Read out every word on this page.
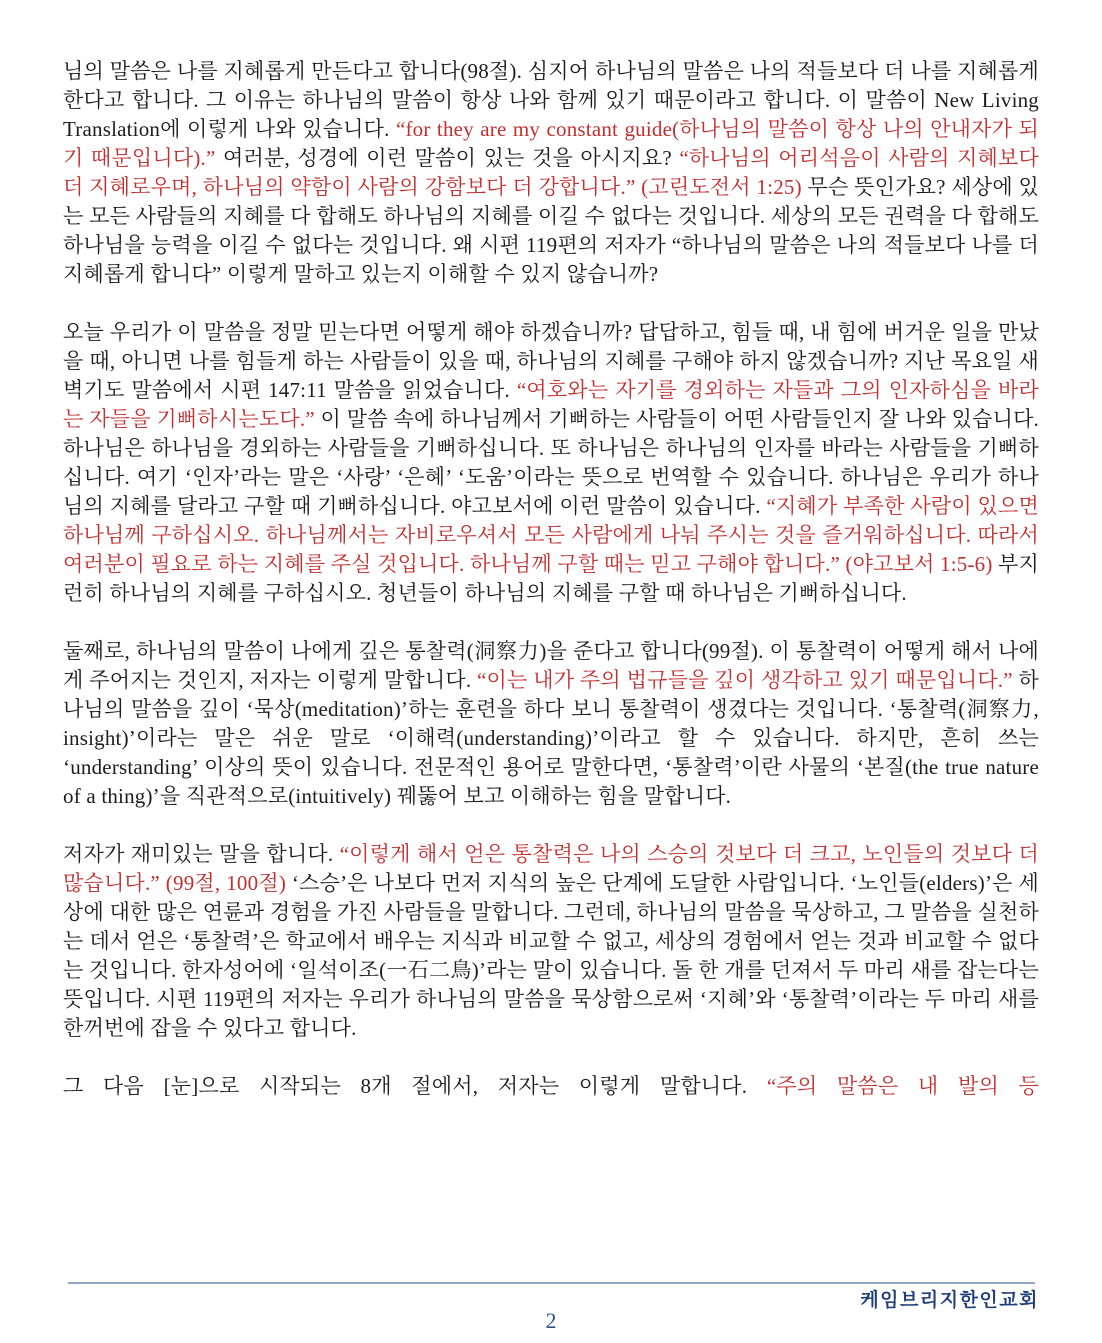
님의 말씀은 나를 지혜롭게 만든다고 합니다(98절). 심지어 하나님의 말씀은 나의 적들보다 더 나를 지혜롭게 한다고 합니다. 그 이유는 하나님의 말씀이 항상 나와 함께 있기 때문이라고 합니다. 이 말씀이 New Living Translation에 이렇게 나와 있습니다. “for they are my constant guide(하나님의 말씀이 항상 나의 안내자가 되기 때문입니다).” 여러분, 성경에 이런 말씀이 있는 것을 아시지요? “하나님의 어리석음이 사람의 지혜보다 더 지혜로우며, 하나님의 약함이 사람의 강함보다 더 강합니다.” (고린도전서 1:25) 무슨 뜻인가요? 세상에 있는 모든 사람들의 지혜를 다 합해도 하나님의 지혜를 이길 수 없다는 것입니다. 세상의 모든 권력을 다 합해도 하나님을 능력을 이길 수 없다는 것입니다. 왜 시편 119편의 저자가 “하나님의 말씀은 나의 적들보다 나를 더 지혜롭게 합니다” 이렇게 말하고 있는지 이해할 수 있지 않습니까?

오늘 우리가 이 말씀을 정말 믿는다면 어떻게 해야 하겠습니까? 답답하고, 힘들 때, 내 힘에 버거운 일을 만났을 때, 아니면 나를 힘들게 하는 사람들이 있을 때, 하나님의 지혜를 구해야 하지 않겠습니까? 지난 목요일 새벽기도 말씀에서 시편 147:11 말씀을 읽었습니다. “여호와는 자기를 경외하는 자들과 그의 인자하심을 바라는 자들을 기뻐하시는도다.” 이 말씀 속에 하나님께서 기뻐하는 사람들이 어떤 사람들인지 잘 나와 있습니다. 하나님은 하나님을 경외하는 사람들을 기뻐하십니다. 또 하나님은 하나님의 인자를 바라는 사람들을 기뻐하십니다. 여기 ‘인자’라는 말은 ‘사랑’ ‘은혜’ ‘도움’이라는 뜻으로 번역할 수 있습니다. 하나님은 우리가 하나님의 지혜를 달라고 구할 때 기뻐하십니다. 야고보서에 이런 말씀이 있습니다. “지혜가 부족한 사람이 있으면 하나님께 구하십시오. 하나님께서는 자비로우셔서 모든 사람에게 나눠 주시는 것을 즐거워하십니다. 따라서 여러분이 필요로 하는 지혜를 주실 것입니다. 하나님께 구할 때는 믿고 구해야 합니다.” (야고보서 1:5-6) 부지런히 하나님의 지혜를 구하십시오. 청년들이 하나님의 지혜를 구할 때 하나님은 기뻐하십니다.

둘째로, 하나님의 말씀이 나에게 깊은 통찰력(洞察力)을 준다고 합니다(99절). 이 통찰력이 어떻게 해서 나에게 주어지는 것인지, 저자는 이렇게 말합니다. “이는 내가 주의 법규들을 깊이 생각하고 있기 때문입니다.” 하나님의 말씀을 깊이 ‘묵상(meditation)’하는 훈련을 하다 보니 통찰력이 생겼다는 것입니다. ‘통찰력(洞察力, insight)’이라는 말은 쉬운 말로 ‘이해력(understanding)’이라고 할 수 있습니다. 하지만, 흔히 쓰는 ‘understanding’ 이상의 뜻이 있습니다. 전문적인 용어로 말한다면, ‘통찰력’이란 사물의 ‘본질(the true nature of a thing)’을 직관적으로(intuitively) 꿰뚫어 보고 이해하는 힘을 말합니다.

저자가 재미있는 말을 합니다. “이렇게 해서 얻은 통찰력은 나의 스승의 것보다 더 크고, 노인들의 것보다 더 많습니다.” (99절, 100절) ‘스승’은 나보다 먼저 지식의 높은 단계에 도달한 사람입니다. ‘노인들(elders)’은 세상에 대한 많은 연륜과 경험을 가진 사람들을 말합니다. 그런데, 하나님의 말씀을 묵상하고, 그 말씀을 실천하는 데서 얻은 ‘통찰력’은 학교에서 배우는 지식과 비교할 수 없고, 세상의 경험에서 얻는 것과 비교할 수 없다는 것입니다. 한자성어에 ‘일석이조(一石二鳥)’라는 말이 있습니다. 돌 한 개를 던져서 두 마리 새를 잡는다는 뜻입니다. 시편 119편의 저자는 우리가 하나님의 말씀을 묵상함으로써 ‘지혜’와 ‘통찰력’이라는 두 마리 새를 한꺼번에 잡을 수 있다고 합니다.

그 다음 [눈]으로 시작되는 8개 절에서, 저자는 이렇게 말합니다. “주의 말씀은 내 발의 등

케임브리지한인교회
2
